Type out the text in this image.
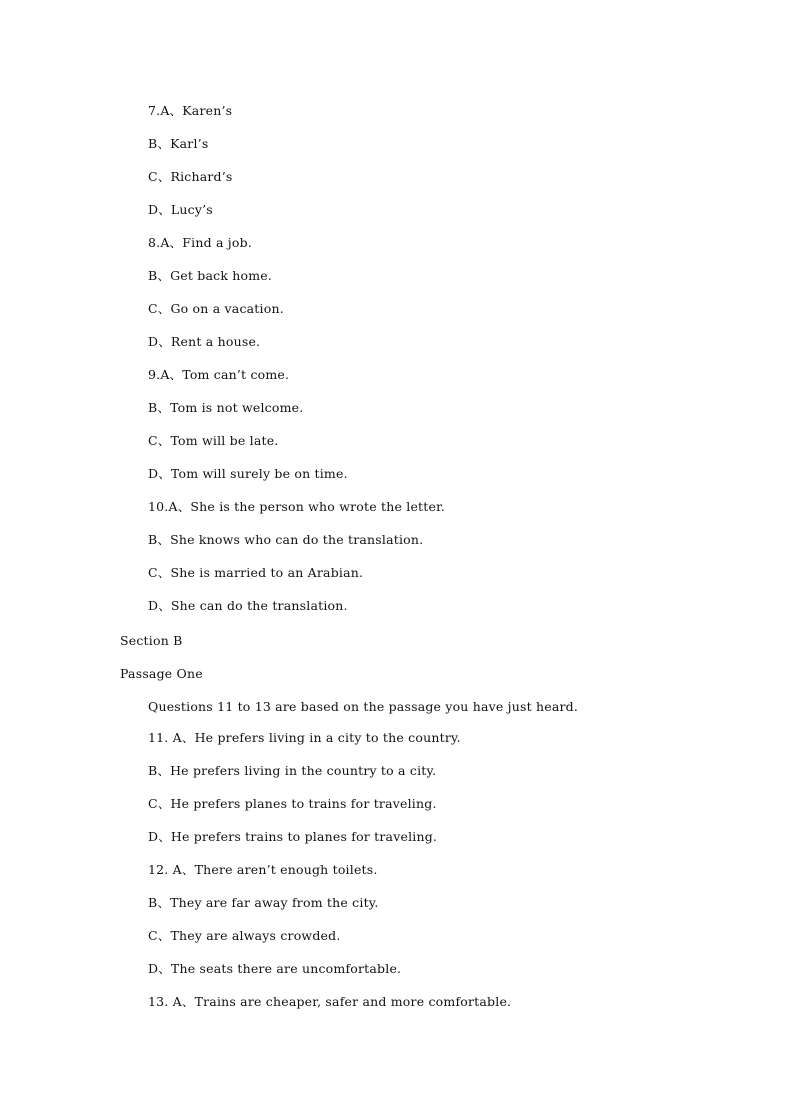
7.A、Karen’s
B、Karl’s
C、Richard’s
D、Lucy’s
8.A、Find a job.
B、Get back home.
C、Go on a vacation.
D、Rent a house.
9.A、Tom can’t come.
B、Tom is not welcome.
C、Tom will be late.
D、Tom will surely be on time.
10.A、She is the person who wrote the letter.
B、She knows who can do the translation.
C、She is married to an Arabian.
D、She can do the translation.
Section B
Passage One
Questions 11 to 13 are based on the passage you have just heard.
11. A、He prefers living in a city to the country.
B、He prefers living in the country to a city.
C、He prefers planes to trains for traveling.
D、He prefers trains to planes for traveling.
12. A、There aren’t enough toilets.
B、They are far away from the city.
C、They are always crowded.
D、The seats there are uncomfortable.
13. A、Trains are cheaper, safer and more comfortable.
